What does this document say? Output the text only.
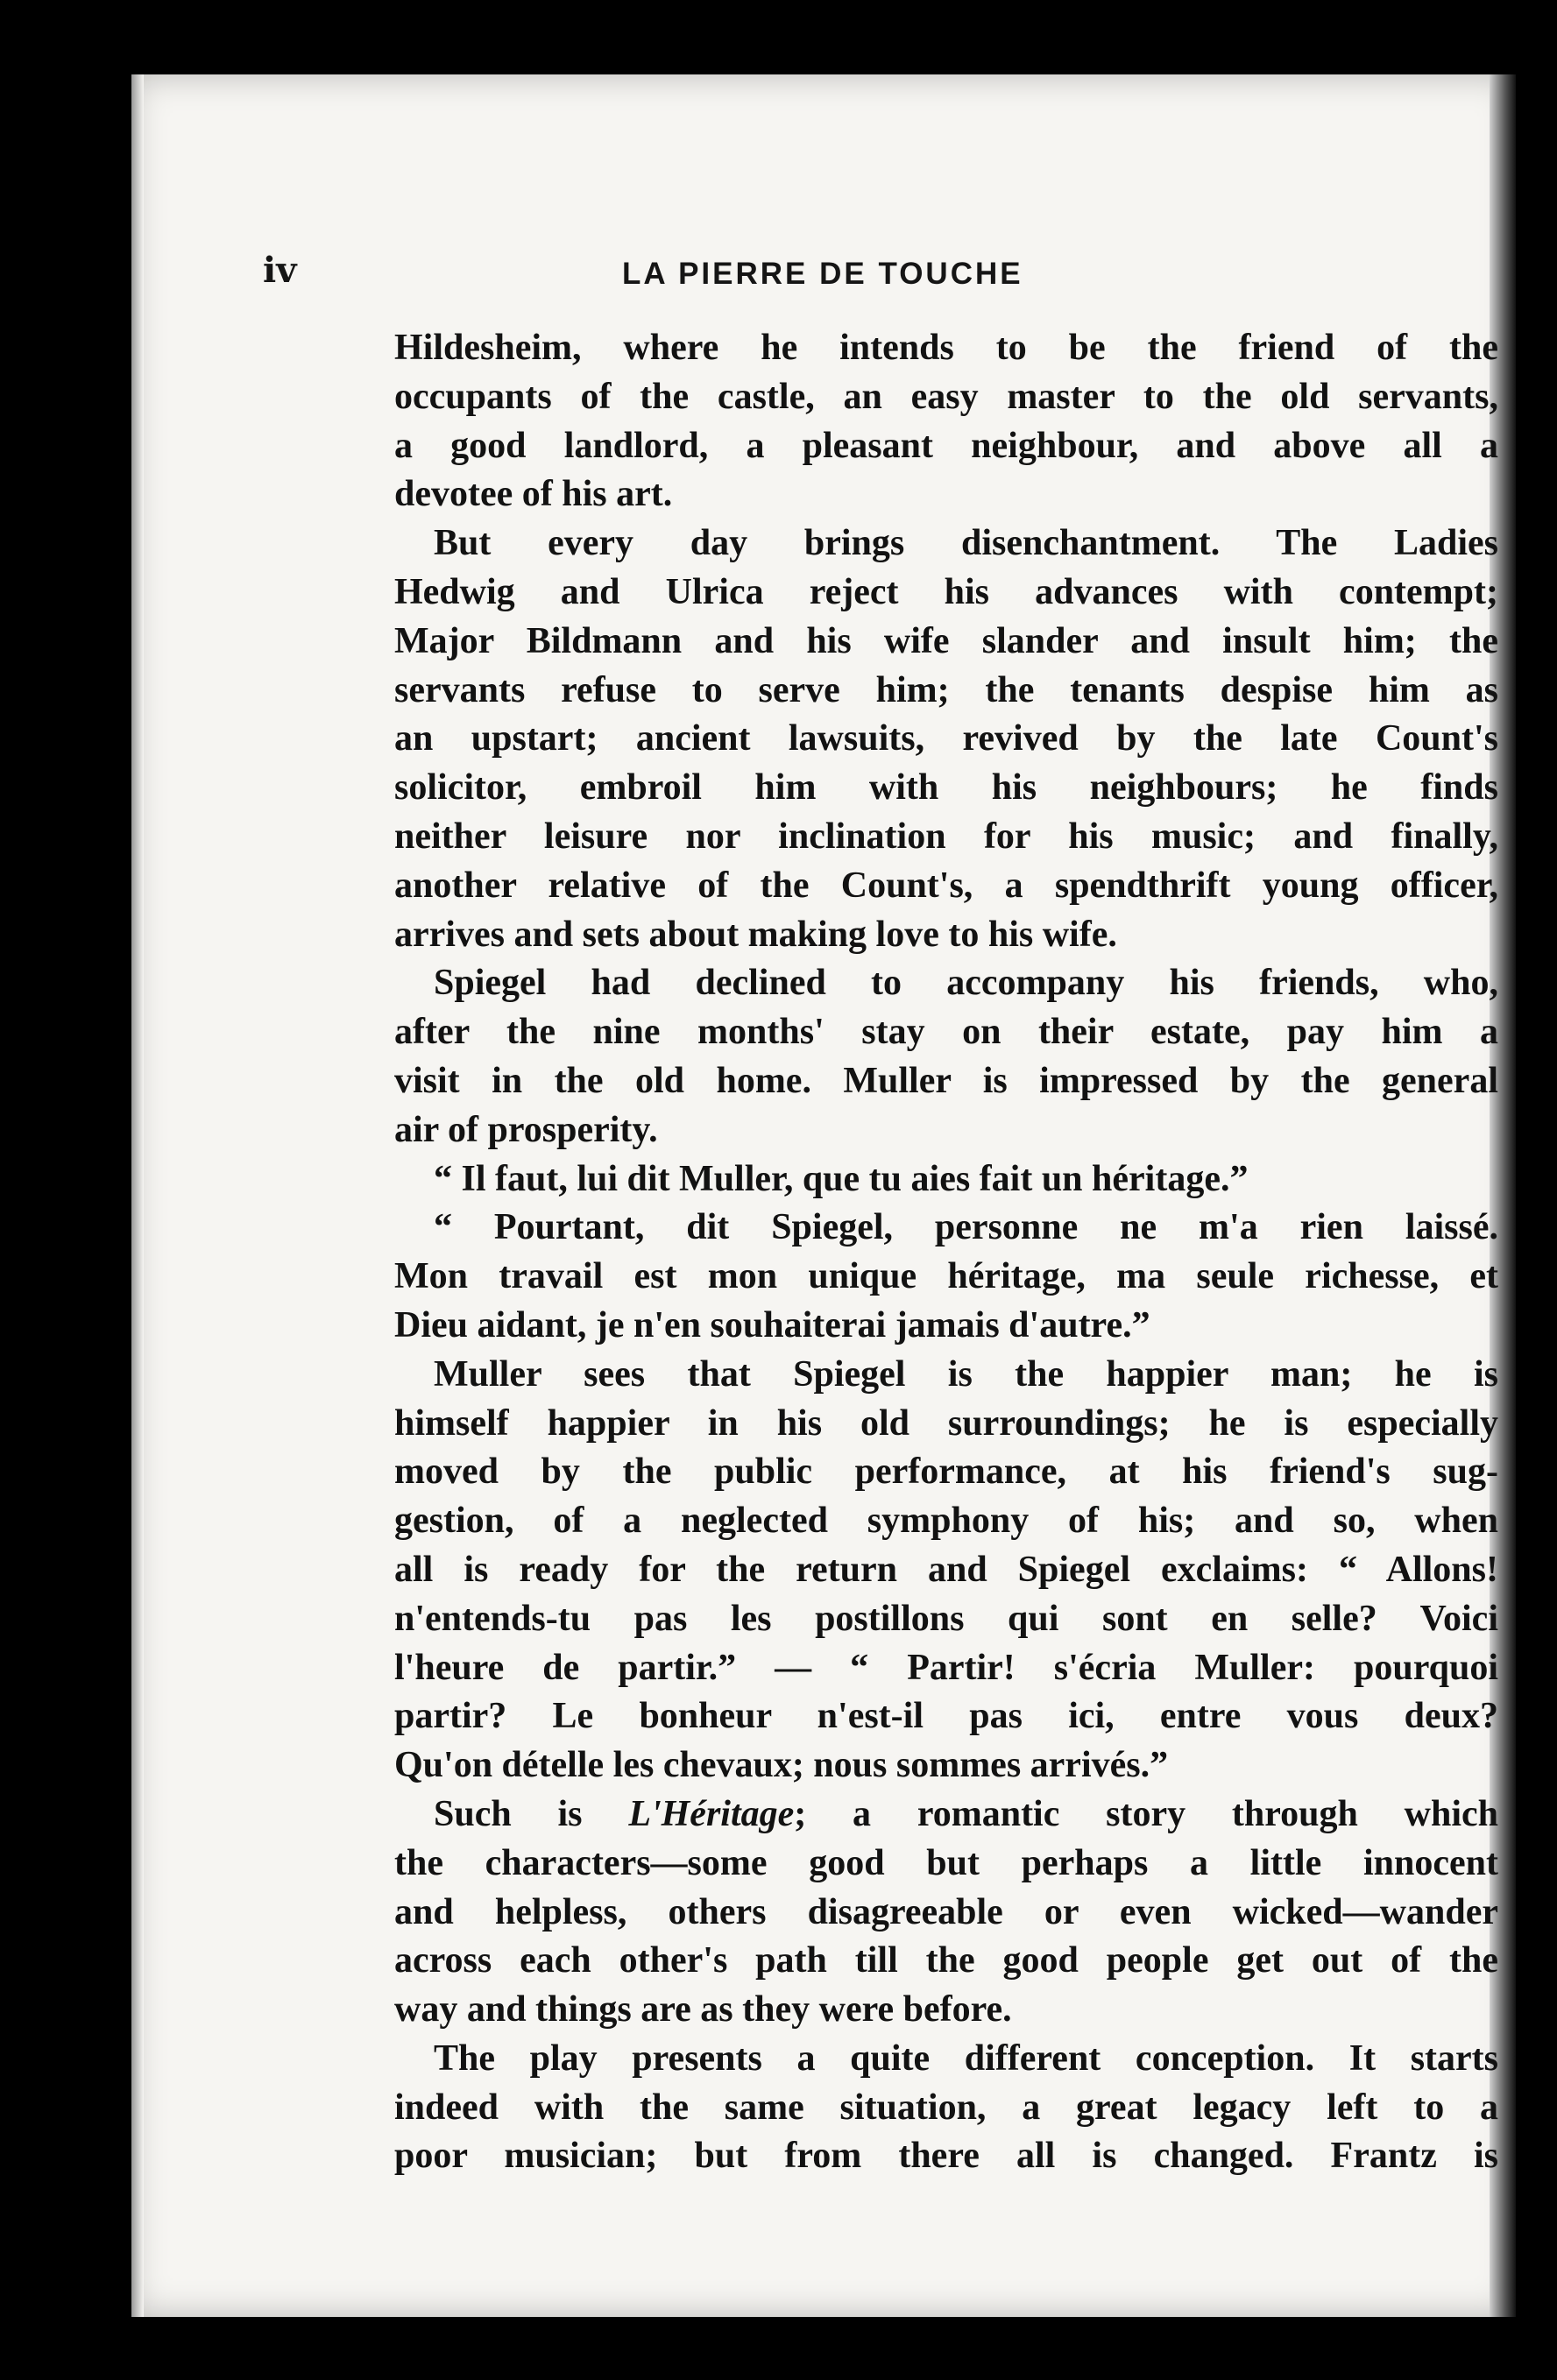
iv	LA PIERRE DE TOUCHE
Hildesheim, where he intends to be the friend of the
occupants of the castle, an easy master to the old servants,
a good landlord, a pleasant neighbour, and above all a
devotee of his art.
But every day brings disenchantment. The Ladies
Hedwig and Ulrica reject his advances with contempt;
Major Bildmann and his wife slander and insult him; the
servants refuse to serve him; the tenants despise him as
an upstart; ancient lawsuits, revived by the late Count's
solicitor, embroil him with his neighbours; he finds
neither leisure nor inclination for his music; and finally,
another relative of the Count's, a spendthrift young officer,
arrives and sets about making love to his wife.
Spiegel had declined to accompany his friends, who,
after the nine months' stay on their estate, pay him a
visit in the old home. Muller is impressed by the general
air of prosperity.
“ Il faut, lui dit Muller, que tu aies fait un héritage.”
“ Pourtant, dit Spiegel, personne ne m'a rien laissé.
Mon travail est mon unique héritage, ma seule richesse, et
Dieu aidant, je n'en souhaiterai jamais d'autre.”
Muller sees that Spiegel is the happier man; he is
himself happier in his old surroundings; he is especially
moved by the public performance, at his friend's sug-
gestion, of a neglected symphony of his; and so, when
all is ready for the return and Spiegel exclaims: “ Allons!
n'entends-tu pas les postillons qui sont en selle? Voici
l'heure de partir.” — “ Partir! s'écria Muller: pourquoi
partir? Le bonheur n'est-il pas ici, entre vous deux?
Qu'on dételle les chevaux; nous sommes arrivés.”
Such is L'Héritage; a romantic story through which
the characters—some good but perhaps a little innocent
and helpless, others disagreeable or even wicked—wander
across each other's path till the good people get out of the
way and things are as they were before.
The play presents a quite different conception. It starts
indeed with the same situation, a great legacy left to a
poor musician; but from there all is changed. Frantz is
